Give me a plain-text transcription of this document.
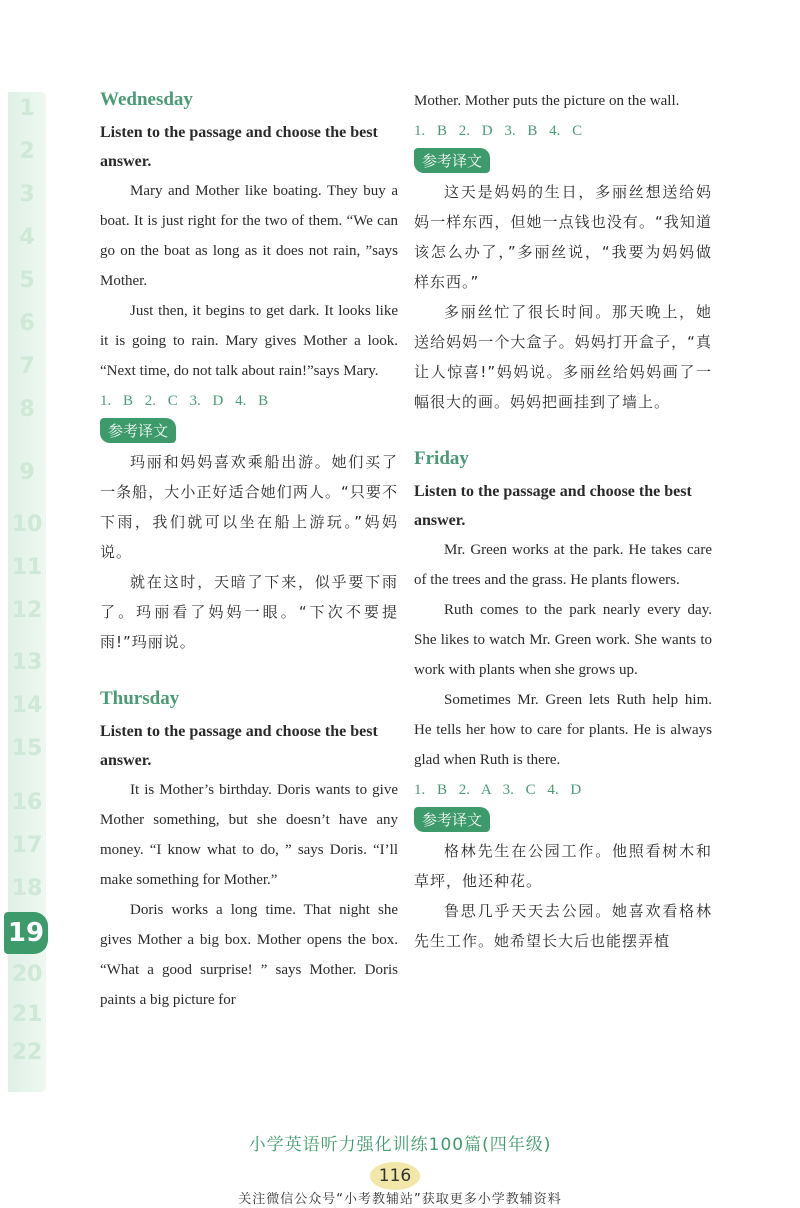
1
2
3
4
5
6
7
8
9
10
11
12
13
14
15
16
17
18
19
20
21
22
Wednesday

Listen to the passage and choose the best answer.

Mary and Mother like boating. They buy a boat. It is just right for the two of them. “We can go on the boat as long as it does not rain, ”says Mother.

Just then, it begins to get dark. It looks like it is going to rain. Mary gives Mother a look. “Next time, do not talk about rain!”says Mary.

1. B 2. C 3. D 4. B

参考译文

玛丽和妈妈喜欢乘船出游。她们买了一条船，大小正好适合她们两人。“只要不下雨，我们就可以坐在船上游玩。”妈妈说。

就在这时，天暗了下来，似乎要下雨了。玛丽看了妈妈一眼。“下次不要提雨!”玛丽说。

Thursday

Listen to the passage and choose the best answer.

It is Mother’s birthday. Doris wants to give Mother something, but she doesn’t have any money. “I know what to do, ” says Doris. “I’ll make something for Mother.”

Doris works a long time. That night she gives Mother a big box. Mother opens the box. “What a good surprise! ” says Mother. Doris paints a big picture for

Mother. Mother puts the picture on the wall.

1. B 2. D 3. B 4. C

参考译文

这天是妈妈的生日，多丽丝想送给妈妈一样东西，但她一点钱也没有。“我知道该怎么办了，”多丽丝说，“我要为妈妈做样东西。”

多丽丝忙了很长时间。那天晚上，她送给妈妈一个大盒子。妈妈打开盒子，“真让人惊喜!”妈妈说。多丽丝给妈妈画了一幅很大的画。妈妈把画挂到了墙上。

Friday

Listen to the passage and choose the best answer.

Mr. Green works at the park. He takes care of the trees and the grass. He plants flowers.

Ruth comes to the park nearly every day. She likes to watch Mr. Green work. She wants to work with plants when she grows up.

Sometimes Mr. Green lets Ruth help him. He tells her how to care for plants. He is always glad when Ruth is there.

1. B 2. A 3. C 4. D

参考译文

格林先生在公园工作。他照看树木和草坪，他还种花。

鲁思几乎天天去公园。她喜欢看格林先生工作。她希望长大后也能摆弄植

小学英语听力强化训练100篇(四年级)
116
关注微信公众号“小考教辅站”获取更多小学教辅资料
